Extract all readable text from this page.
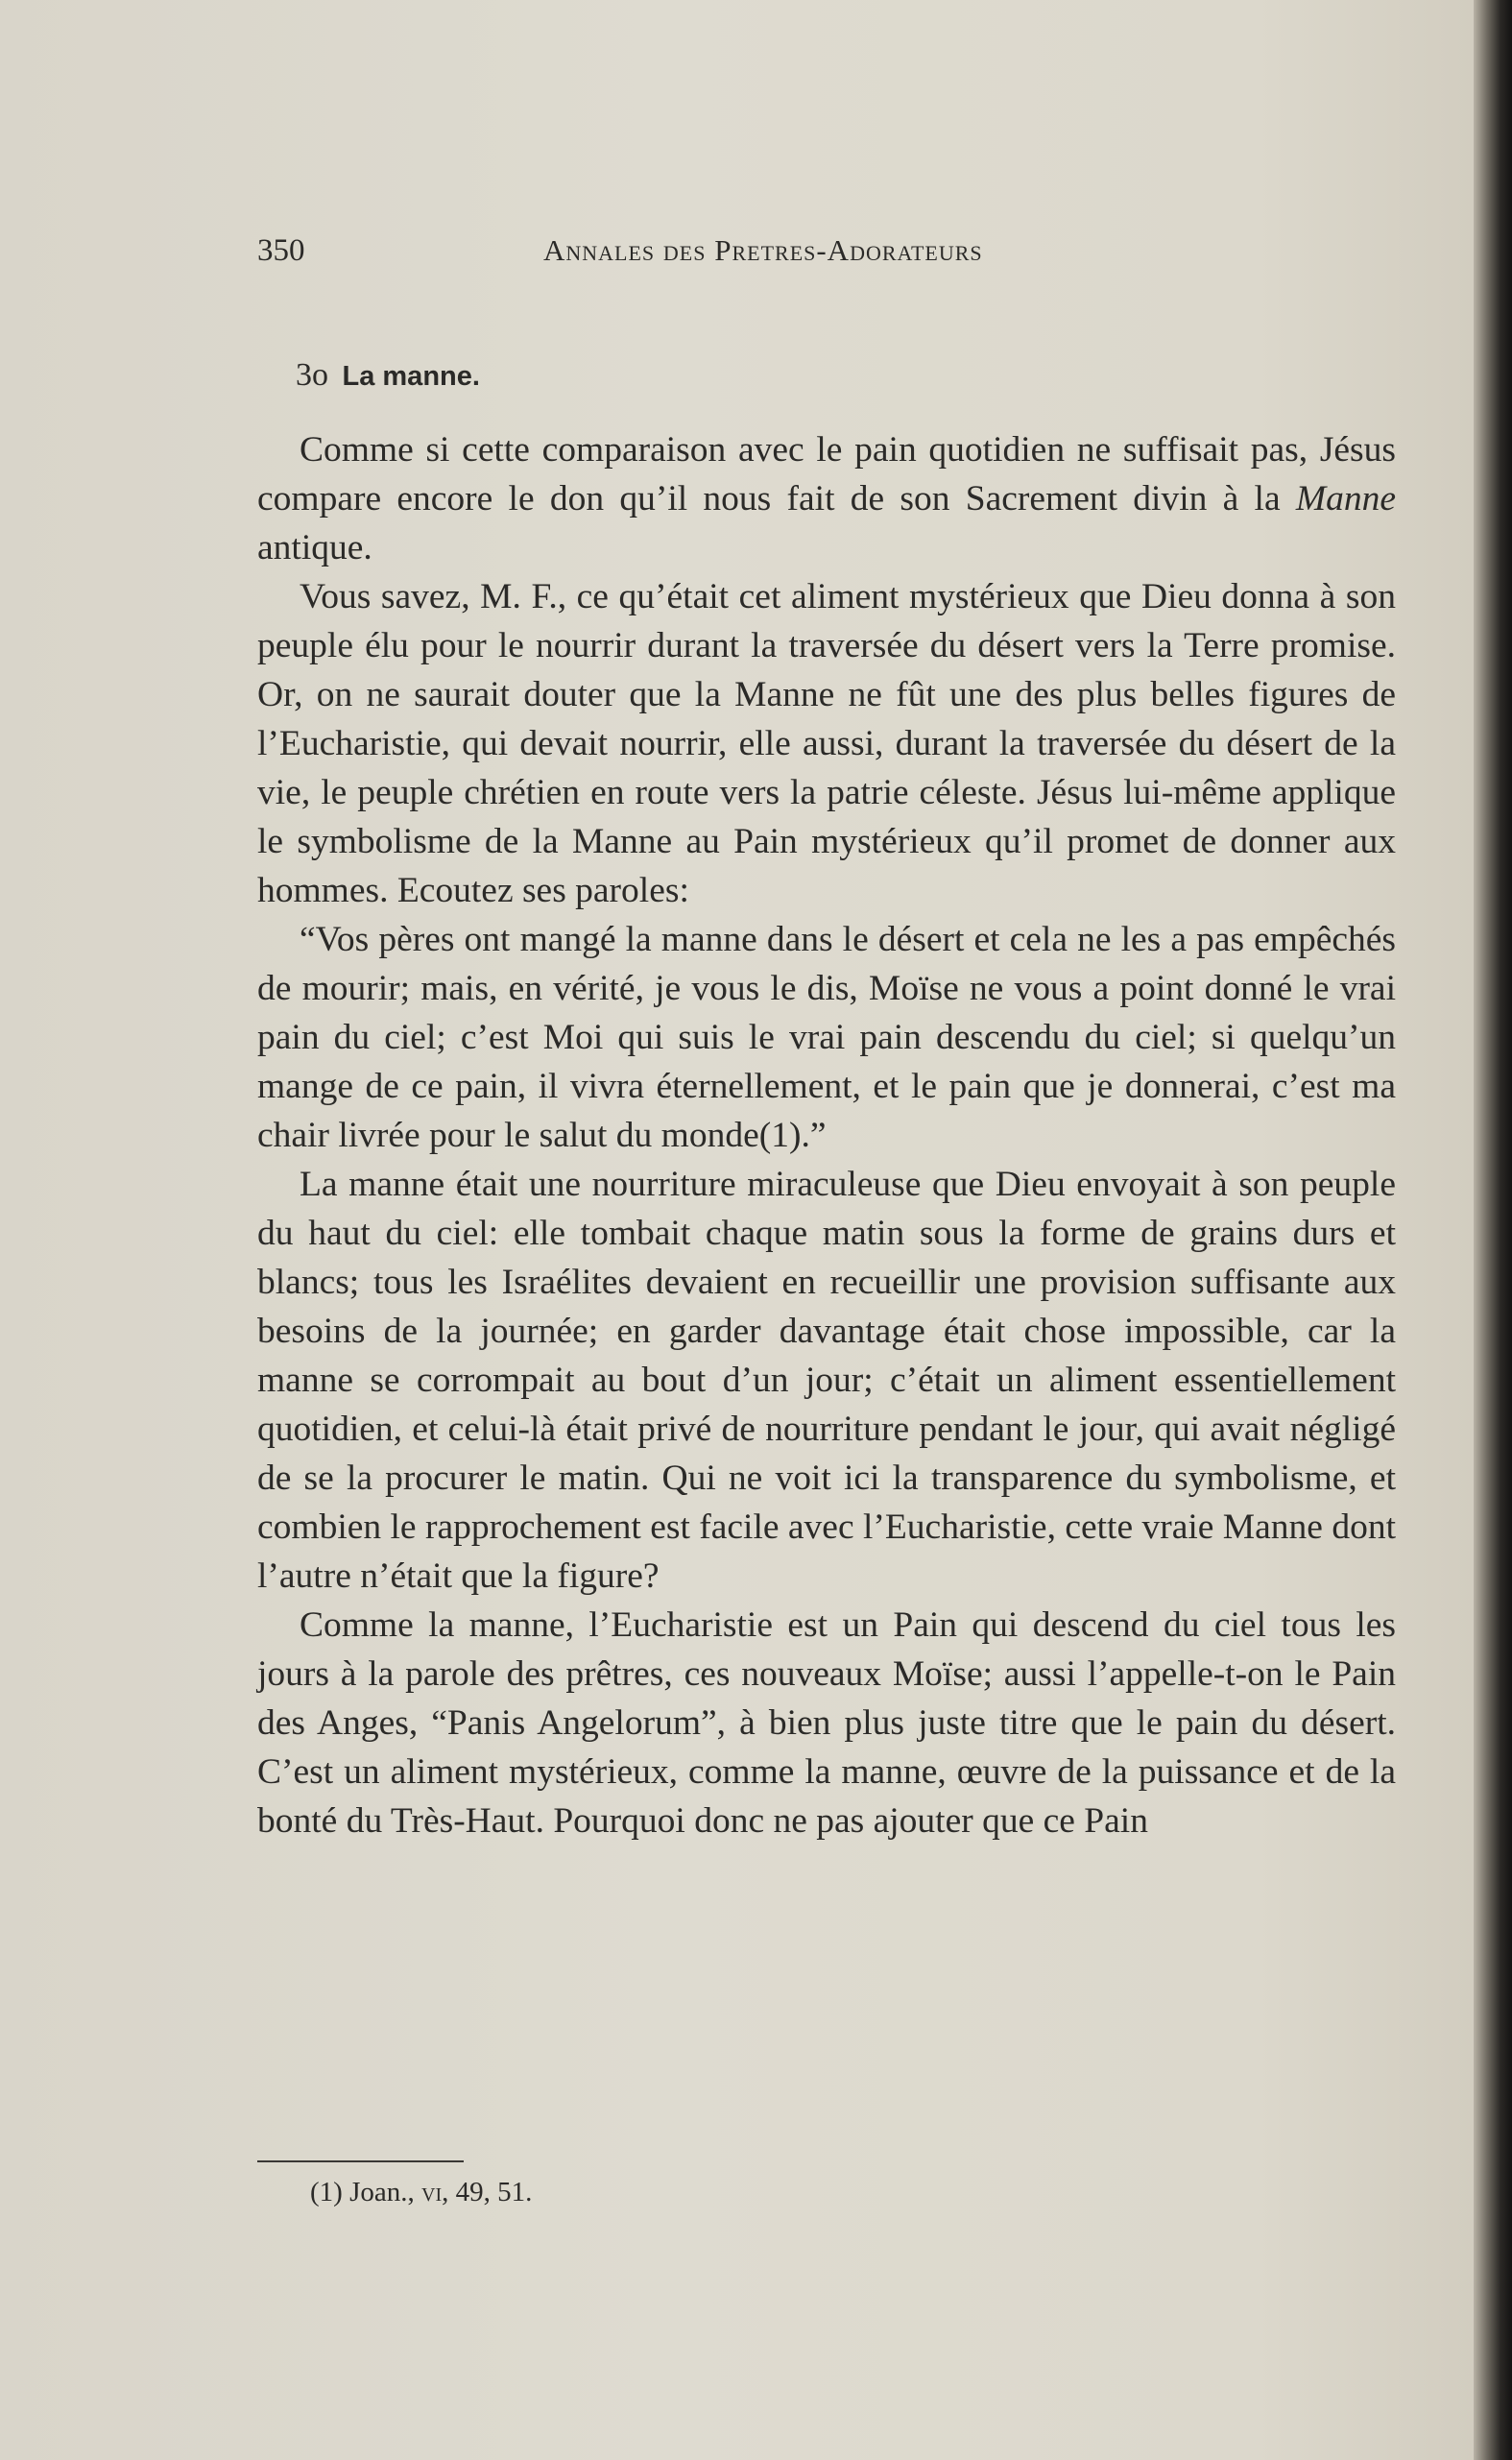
350	Annales des Pretres-Adorateurs
3o La manne.

Comme si cette comparaison avec le pain quotidien ne suffisait pas, Jésus compare encore le don qu’il nous fait de son Sacrement divin à la Manne antique.

Vous savez, M. F., ce qu’était cet aliment mystérieux que Dieu donna à son peuple élu pour le nourrir durant la traversée du désert vers la Terre promise. Or, on ne saurait douter que la Manne ne fût une des plus belles figures de l’Eucharistie, qui devait nourrir, elle aussi, durant la traversée du désert de la vie, le peuple chrétien en route vers la patrie céleste. Jésus lui-même applique le symbolisme de la Manne au Pain mystérieux qu’il promet de donner aux hommes. Ecoutez ses paroles:

“Vos pères ont mangé la manne dans le désert et cela ne les a pas empêchés de mourir; mais, en vérité, je vous le dis, Moïse ne vous a point donné le vrai pain du ciel; c’est Moi qui suis le vrai pain descendu du ciel; si quelqu’un mange de ce pain, il vivra éternellement, et le pain que je donnerai, c’est ma chair livrée pour le salut du monde(1).”

La manne était une nourriture miraculeuse que Dieu envoyait à son peuple du haut du ciel: elle tombait chaque matin sous la forme de grains durs et blancs; tous les Israélites devaient en recueillir une provision suffisante aux besoins de la journée; en garder davantage était chose impossible, car la manne se corrompait au bout d’un jour; c’était un aliment essentiellement quotidien, et celui-là était privé de nourriture pendant le jour, qui avait négligé de se la procurer le matin. Qui ne voit ici la transparence du symbolisme, et combien le rapprochement est facile avec l’Eucharistie, cette vraie Manne dont l’autre n’était que la figure?

Comme la manne, l’Eucharistie est un Pain qui descend du ciel tous les jours à la parole des prêtres, ces nouveaux Moïse; aussi l’appelle-t-on le Pain des Anges, “Panis Angelorum”, à bien plus juste titre que le pain du désert. C’est un aliment mystérieux, comme la manne, œuvre de la puissance et de la bonté du Très-Haut. Pourquoi donc ne pas ajouter que ce Pain

(1) Joan., vi, 49, 51.
